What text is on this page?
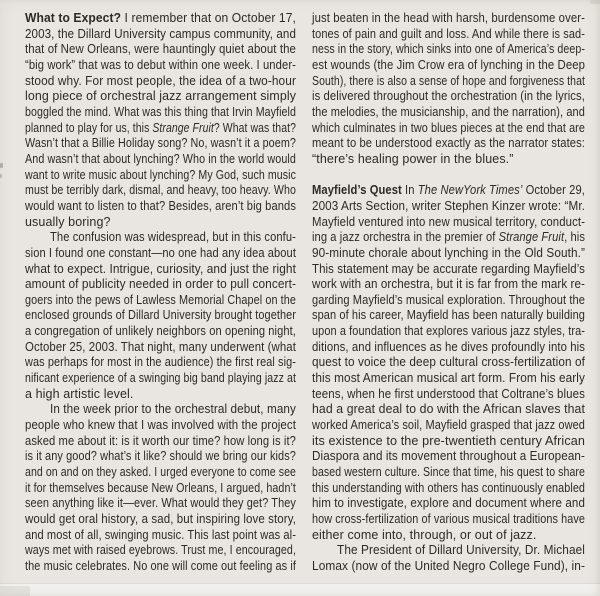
What to Expect? I remember that on October 17,
2003, the Dillard University campus community, and
that of New Orleans, were hauntingly quiet about the
“big work” that was to debut within one week. I under-
stood why. For most people, the idea of a two-hour
long piece of orchestral jazz arrangement simply
boggled the mind. What was this thing that Irvin Mayfield
planned to play for us, this Strange Fruit? What was that?
Wasn’t that a Billie Holiday song? No, wasn’t it a poem?
And wasn’t that about lynching? Who in the world would
want to write music about lynching? My God, such music
must be terribly dark, dismal, and heavy, too heavy. Who
would want to listen to that? Besides, aren’t big bands
usually boring?
The confusion was widespread, but in this confu-
sion I found one constant—no one had any idea about
what to expect. Intrigue, curiosity, and just the right
amount of publicity needed in order to pull concert-
goers into the pews of Lawless Memorial Chapel on the
enclosed grounds of Dillard University brought together
a congregation of unlikely neighbors on opening night,
October 25, 2003. That night, many underwent (what
was perhaps for most in the audience) the first real sig-
nificant experience of a swinging big band playing jazz at
a high artistic level.
In the week prior to the orchestral debut, many
people who knew that I was involved with the project
asked me about it: is it worth our time? how long is it?
is it any good? what’s it like? should we bring our kids?
and on and on they asked. I urged everyone to come see
it for themselves because New Orleans, I argued, hadn’t
seen anything like it—ever. What would they get? They
would get oral history, a sad, but inspiring love story,
and most of all, swinging music. This last point was al-
ways met with raised eyebrows. Trust me, I encouraged,
the music celebrates. No one will come out feeling as if
just beaten in the head with harsh, burdensome over-
tones of pain and guilt and loss. And while there is sad-
ness in the story, which sinks into one of America’s deep-
est wounds (the Jim Crow era of lynching in the Deep
South), there is also a sense of hope and forgiveness that
is delivered throughout the orchestration (in the lyrics,
the melodies, the musicianship, and the narration), and
which culminates in two blues pieces at the end that are
meant to be understood exactly as the narrator states:
“there’s healing power in the blues.”
Mayfield’s Quest In The NewYork Times’ October 29,
2003 Arts Section, writer Stephen Kinzer wrote: “Mr.
Mayfield ventured into new musical territory, conduct-
ing a jazz orchestra in the premier of Strange Fruit, his
90-minute chorale about lynching in the Old South.”
This statement may be accurate regarding Mayfield’s
work with an orchestra, but it is far from the mark re-
garding Mayfield’s musical exploration. Throughout the
span of his career, Mayfield has been naturally building
upon a foundation that explores various jazz styles, tra-
ditions, and influences as he dives profoundly into his
quest to voice the deep cultural cross-fertilization of
this most American musical art form. From his early
teens, when he first understood that Coltrane’s blues
had a great deal to do with the African slaves that
worked America’s soil, Mayfield grasped that jazz owed
its existence to the pre-twentieth century African
Diaspora and its movement throughout a European-
based western culture. Since that time, his quest to share
this understanding with others has continuously enabled
him to investigate, explore and document where and
how cross-fertilization of various musical traditions have
either come into, through, or out of jazz.
The President of Dillard University, Dr. Michael
Lomax (now of the United Negro College Fund), in-
